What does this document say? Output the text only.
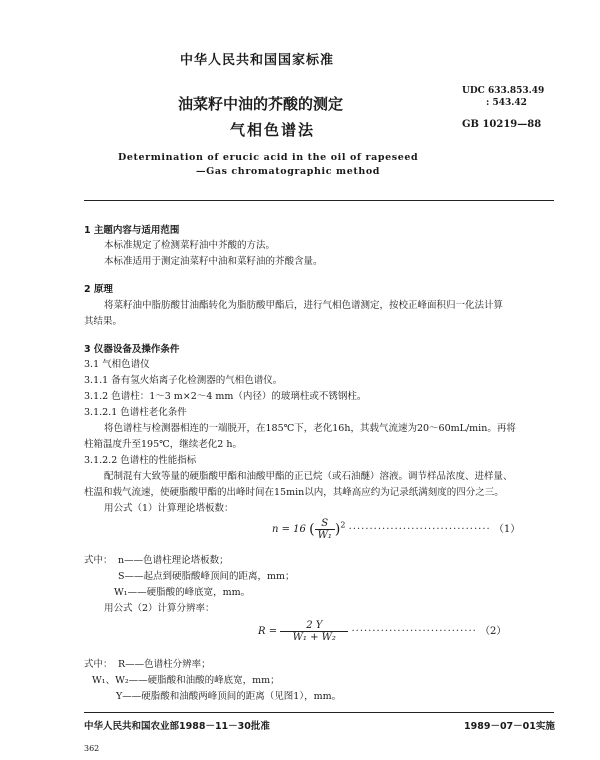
中华人民共和国国家标准
油菜籽中油的芥酸的测定
气相色谱法
UDC 633.853.49
: 543.42
GB 10219—88
Determination of erucic acid in the oil of rapeseed
—Gas chromatographic method
1 主题内容与适用范围
本标准规定了检测菜籽油中芥酸的方法。
本标准适用于测定油菜籽中油和菜籽油的芥酸含量。
2 原理
将菜籽油中脂肪酸甘油酯转化为脂肪酸甲酯后，进行气相色谱测定，按校正峰面积归一化法计算
其结果。
3 仪器设备及操作条件
3.1 气相色谱仪
3.1.1 备有氢火焰离子化检测器的气相色谱仪。
3.1.2 色谱柱：1～3 m×2～4 mm（内径）的玻璃柱或不锈钢柱。
3.1.2.1 色谱柱老化条件
将色谱柱与检测器相连的一端脱开，在185℃下，老化16h，其载气流速为20～60mL/min。再将
柱箱温度升至195℃，继续老化2 h。
3.1.2.2 色谱柱的性能指标
配制混有大致等量的硬脂酸甲酯和油酸甲酯的正已烷（或石油醚）溶液。调节样品浓度、进样量、
柱温和载气流速，使硬脂酸甲酯的出峰时间在15min以内，其峰高应约为记录纸满刻度的四分之三。
用公式（1）计算理论塔板数：
n = 16 ( $\frac{S}{\text{W₁}} )^2$ ·································· （1）
式中： n——色谱柱理论塔板数；
S——起点到硬脂酸峰顶间的距离，mm；
W₁——硬脂酸的峰底宽，mm。
用公式（2）计算分辨率：
$R = \frac{2 Y}{\text{W₁ + W₂}}$ ······························ （2）
式中： R——色谱柱分辨率；
W₁、W₂——硬脂酸和油酸的峰底宽，mm；
Y——硬脂酸和油酸两峰顶间的距离（见图1），mm。
中华人民共和国农业部1988－11－30批准	1989－07－01实施
362
